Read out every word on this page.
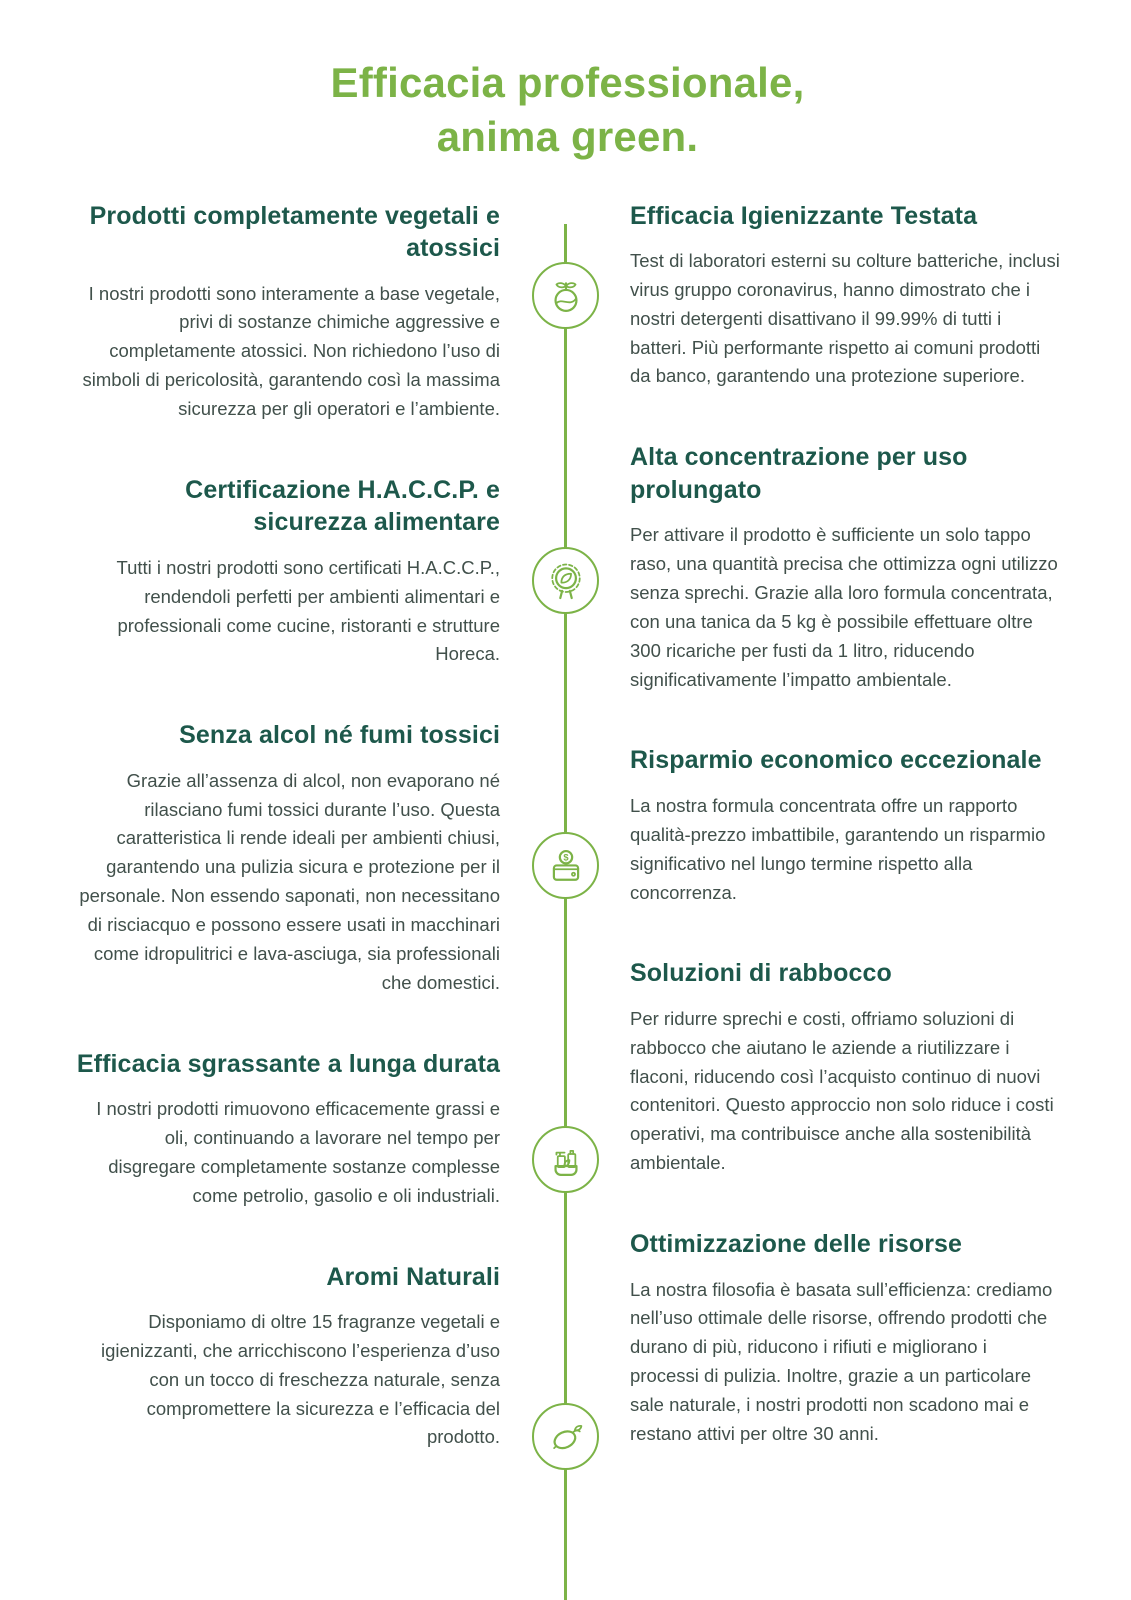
Efficacia professionale,
anima green.
Prodotti completamente vegetali e atossici

I nostri prodotti sono interamente a base vegetale, privi di sostanze chimiche aggressive e completamente atossici. Non richiedono l’uso di simboli di pericolosità, garantendo così la massima sicurezza per gli operatori e l’ambiente.

Certificazione H.A.C.C.P. e sicurezza alimentare

Tutti i nostri prodotti sono certificati H.A.C.C.P., rendendoli perfetti per ambienti alimentari e professionali come cucine, ristoranti e strutture Horeca.

Senza alcol né fumi tossici

Grazie all’assenza di alcol, non evaporano né rilasciano fumi tossici durante l’uso. Questa caratteristica li rende ideali per ambienti chiusi, garantendo una pulizia sicura e protezione per il personale. Non essendo saponati, non necessitano di risciacquo e possono essere usati in macchinari come idropulitrici e lava-asciuga, sia professionali che domestici.

Efficacia sgrassante a lunga durata

I nostri prodotti rimuovono efficacemente grassi e oli, continuando a lavorare nel tempo per disgregare completamente sostanze complesse come petrolio, gasolio e oli industriali.

Aromi Naturali

Disponiamo di oltre 15 fragranze vegetali e igienizzanti, che arricchiscono l’esperienza d’uso con un tocco di freschezza naturale, senza compromettere la sicurezza e l’efficacia del prodotto.

Efficacia Igienizzante Testata

Test di laboratori esterni su colture batteriche, inclusi virus gruppo coronavirus, hanno dimostrato che i nostri detergenti disattivano il 99.99% di tutti i batteri. Più performante rispetto ai comuni prodotti da banco, garantendo una protezione superiore.

Alta concentrazione per uso prolungato

Per attivare il prodotto è sufficiente un solo tappo raso, una quantità precisa che ottimizza ogni utilizzo senza sprechi. Grazie alla loro formula concentrata, con una tanica da 5 kg è possibile effettuare oltre 300 ricariche per fusti da 1 litro, riducendo significativamente l’impatto ambientale.

Risparmio economico eccezionale

La nostra formula concentrata offre un rapporto qualità-prezzo imbattibile, garantendo un risparmio significativo nel lungo termine rispetto alla concorrenza.

Soluzioni di rabbocco

Per ridurre sprechi e costi, offriamo soluzioni di rabbocco che aiutano le aziende a riutilizzare i flaconi, riducendo così l’acquisto continuo di nuovi contenitori. Questo approccio non solo riduce i costi operativi, ma contribuisce anche alla sostenibilità ambientale.

Ottimizzazione delle risorse

La nostra filosofia è basata sull’efficienza: crediamo nell’uso ottimale delle risorse, offrendo prodotti che durano di più, riducono i rifiuti e migliorano i processi di pulizia. Inoltre, grazie a un particolare sale naturale, i nostri prodotti non scadono mai e restano attivi per oltre 30 anni.

$
